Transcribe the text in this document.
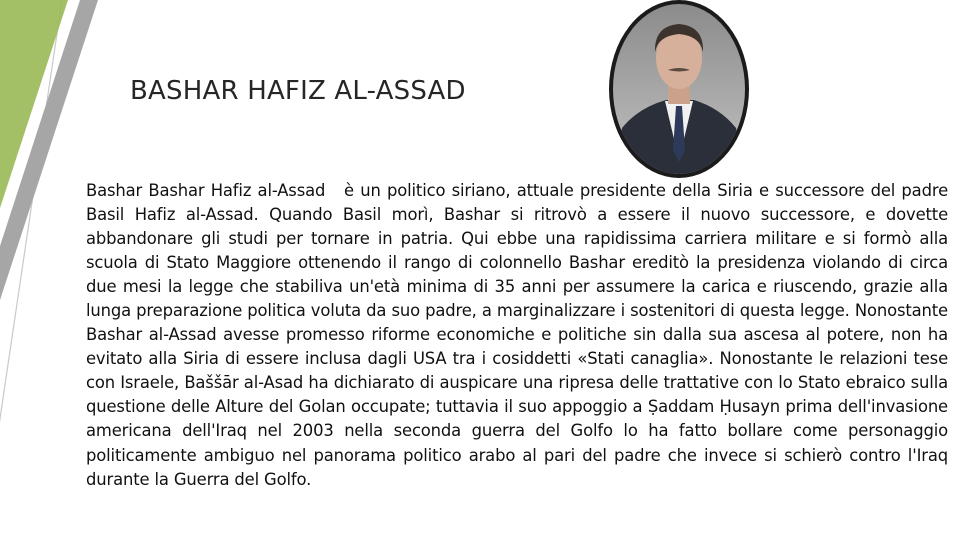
BASHAR HAFIZ AL-ASSAD

Bashar Bashar Hafiz al-Assad   è un politico siriano, attuale presidente della Siria e successore del padre Basil Hafiz al-Assad. Quando Basil morì, Bashar si ritrovò a essere il nuovo successore, e dovette abbandonare gli studi per tornare in patria. Qui ebbe una rapidissima carriera militare e si formò alla scuola di Stato Maggiore ottenendo il rango di colonnello Bashar ereditò la presidenza violando di circa due mesi la legge che stabiliva un'età minima di 35 anni per assumere la carica e riuscendo, grazie alla lunga preparazione politica voluta da suo padre, a marginalizzare i sostenitori di questa legge. Nonostante Bashar al-Assad avesse promesso riforme economiche e politiche sin dalla sua ascesa al potere, non ha evitato alla Siria di essere inclusa dagli USA tra i cosiddetti «Stati canaglia». Nonostante le relazioni tese con Israele, Baššār al-Asad ha dichiarato di auspicare una ripresa delle trattative con lo Stato ebraico sulla questione delle Alture del Golan occupate; tuttavia il suo appoggio a Ṣaddam Ḥusayn prima dell'invasione americana dell'Iraq nel 2003 nella seconda guerra del Golfo lo ha fatto bollare come personaggio politicamente ambiguo nel panorama politico arabo al pari del padre che invece si schierò contro l'Iraq durante la Guerra del Golfo.
